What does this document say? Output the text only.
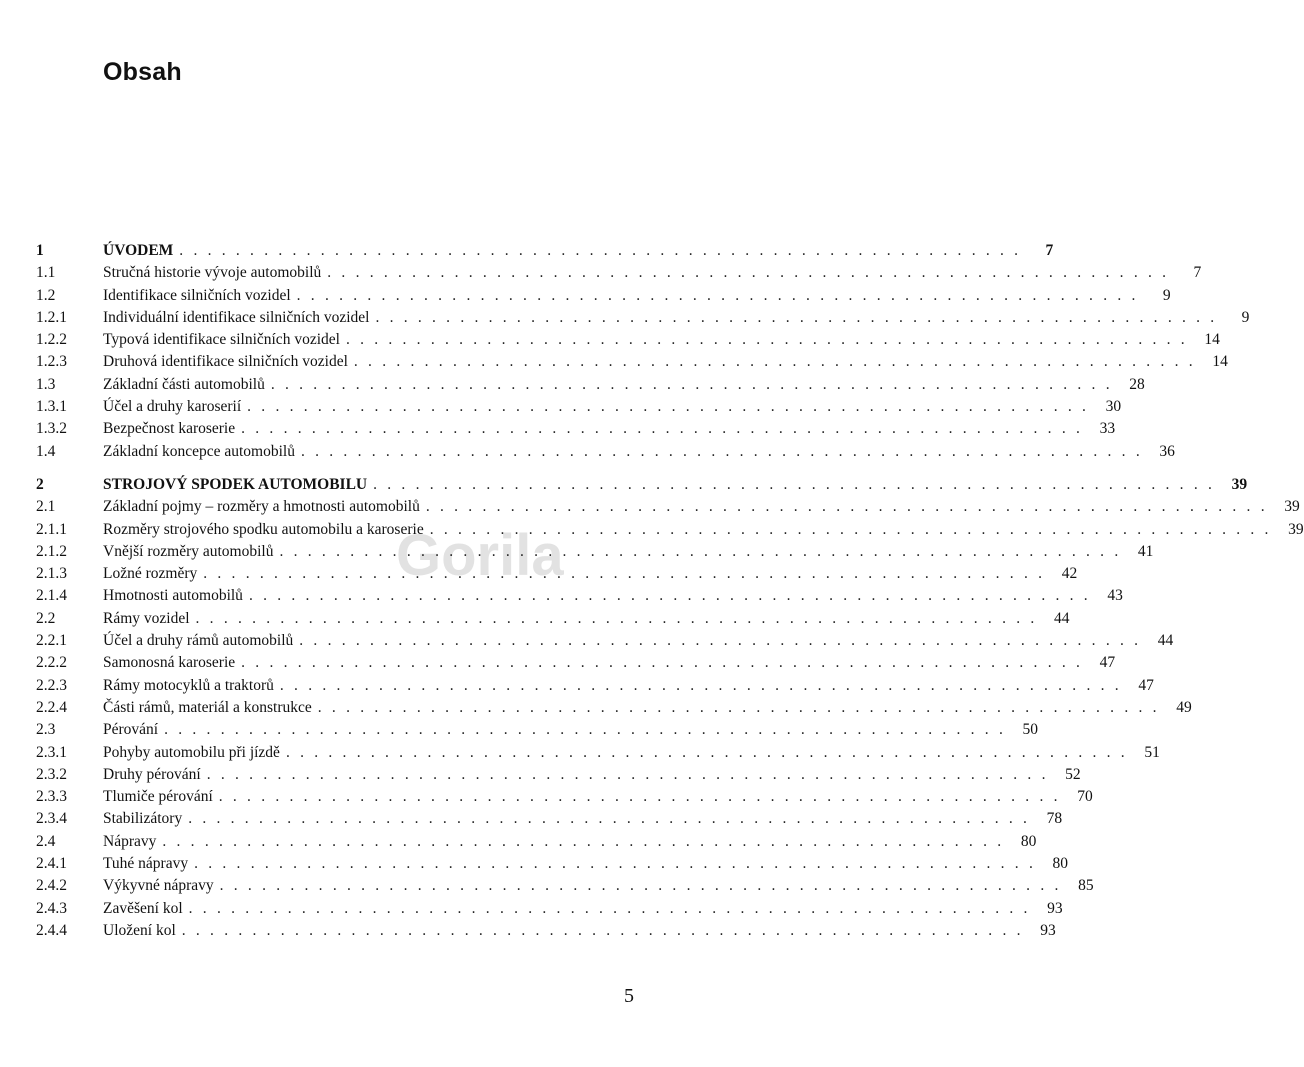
Obsah
Gorila
1	ÚVODEM . . . . . . . . . . . . . . . . . . . . . . . . . . . . . . . . . . . . . . . . . . . . . . . . . . . . . . . . . . . .	7
1.1	Stručná historie vývoje automobilů . . . . . . . . . . . . . . . . . . . . . . . . . . . . . . . . . . . . . . . . . . . . . . . . . . . . . . . . . . . .	7
1.2	Identifikace silničních vozidel . . . . . . . . . . . . . . . . . . . . . . . . . . . . . . . . . . . . . . . . . . . . . . . . . . . . . . . . . . . .	9
1.2.1	Individuální identifikace silničních vozidel . . . . . . . . . . . . . . . . . . . . . . . . . . . . . . . . . . . . . . . . . . . . . . . . . . . . . . . . . . . .	9
1.2.2	Typová identifikace silničních vozidel . . . . . . . . . . . . . . . . . . . . . . . . . . . . . . . . . . . . . . . . . . . . . . . . . . . . . . . . . . . .	14
1.2.3	Druhová identifikace silničních vozidel . . . . . . . . . . . . . . . . . . . . . . . . . . . . . . . . . . . . . . . . . . . . . . . . . . . . . . . . . . . .	14
1.3	Základní části automobilů . . . . . . . . . . . . . . . . . . . . . . . . . . . . . . . . . . . . . . . . . . . . . . . . . . . . . . . . . . . .	28
1.3.1	Účel a druhy karoserií . . . . . . . . . . . . . . . . . . . . . . . . . . . . . . . . . . . . . . . . . . . . . . . . . . . . . . . . . . . .	30
1.3.2	Bezpečnost karoserie . . . . . . . . . . . . . . . . . . . . . . . . . . . . . . . . . . . . . . . . . . . . . . . . . . . . . . . . . . . .	33
1.4	Základní koncepce automobilů . . . . . . . . . . . . . . . . . . . . . . . . . . . . . . . . . . . . . . . . . . . . . . . . . . . . . . . . . . . .	36
2	STROJOVÝ SPODEK AUTOMOBILU . . . . . . . . . . . . . . . . . . . . . . . . . . . . . . . . . . . . . . . . . . . . . . . . . . . . . . . . . . . .	39
2.1	Základní pojmy – rozměry a hmotnosti automobilů . . . . . . . . . . . . . . . . . . . . . . . . . . . . . . . . . . . . . . . . . . . . . . . . . . . . . . . . . . . .	39
2.1.1	Rozměry strojového spodku automobilu a karoserie . . . . . . . . . . . . . . . . . . . . . . . . . . . . . . . . . . . . . . . . . . . . . . . . . . . . . . . . . . . .	39
2.1.2	Vnější rozměry automobilů . . . . . . . . . . . . . . . . . . . . . . . . . . . . . . . . . . . . . . . . . . . . . . . . . . . . . . . . . . . .	41
2.1.3	Ložné rozměry . . . . . . . . . . . . . . . . . . . . . . . . . . . . . . . . . . . . . . . . . . . . . . . . . . . . . . . . . . . .	42
2.1.4	Hmotnosti automobilů . . . . . . . . . . . . . . . . . . . . . . . . . . . . . . . . . . . . . . . . . . . . . . . . . . . . . . . . . . . .	43
2.2	Rámy vozidel . . . . . . . . . . . . . . . . . . . . . . . . . . . . . . . . . . . . . . . . . . . . . . . . . . . . . . . . . . . .	44
2.2.1	Účel a druhy rámů automobilů . . . . . . . . . . . . . . . . . . . . . . . . . . . . . . . . . . . . . . . . . . . . . . . . . . . . . . . . . . . .	44
2.2.2	Samonosná karoserie . . . . . . . . . . . . . . . . . . . . . . . . . . . . . . . . . . . . . . . . . . . . . . . . . . . . . . . . . . . .	47
2.2.3	Rámy motocyklů a traktorů . . . . . . . . . . . . . . . . . . . . . . . . . . . . . . . . . . . . . . . . . . . . . . . . . . . . . . . . . . . .	47
2.2.4	Části rámů, materiál a konstrukce . . . . . . . . . . . . . . . . . . . . . . . . . . . . . . . . . . . . . . . . . . . . . . . . . . . . . . . . . . . .	49
2.3	Pérování . . . . . . . . . . . . . . . . . . . . . . . . . . . . . . . . . . . . . . . . . . . . . . . . . . . . . . . . . . . .	50
2.3.1	Pohyby automobilu při jízdě . . . . . . . . . . . . . . . . . . . . . . . . . . . . . . . . . . . . . . . . . . . . . . . . . . . . . . . . . . . .	51
2.3.2	Druhy pérování . . . . . . . . . . . . . . . . . . . . . . . . . . . . . . . . . . . . . . . . . . . . . . . . . . . . . . . . . . . .	52
2.3.3	Tlumiče pérování . . . . . . . . . . . . . . . . . . . . . . . . . . . . . . . . . . . . . . . . . . . . . . . . . . . . . . . . . . . .	70
2.3.4	Stabilizátory . . . . . . . . . . . . . . . . . . . . . . . . . . . . . . . . . . . . . . . . . . . . . . . . . . . . . . . . . . . .	78
2.4	Nápravy . . . . . . . . . . . . . . . . . . . . . . . . . . . . . . . . . . . . . . . . . . . . . . . . . . . . . . . . . . . .	80
2.4.1	Tuhé nápravy . . . . . . . . . . . . . . . . . . . . . . . . . . . . . . . . . . . . . . . . . . . . . . . . . . . . . . . . . . . .	80
2.4.2	Výkyvné nápravy . . . . . . . . . . . . . . . . . . . . . . . . . . . . . . . . . . . . . . . . . . . . . . . . . . . . . . . . . . . .	85
2.4.3	Zavěšení kol . . . . . . . . . . . . . . . . . . . . . . . . . . . . . . . . . . . . . . . . . . . . . . . . . . . . . . . . . . . .	93
2.4.4	Uložení kol . . . . . . . . . . . . . . . . . . . . . . . . . . . . . . . . . . . . . . . . . . . . . . . . . . . . . . . . . . . .	93
5
